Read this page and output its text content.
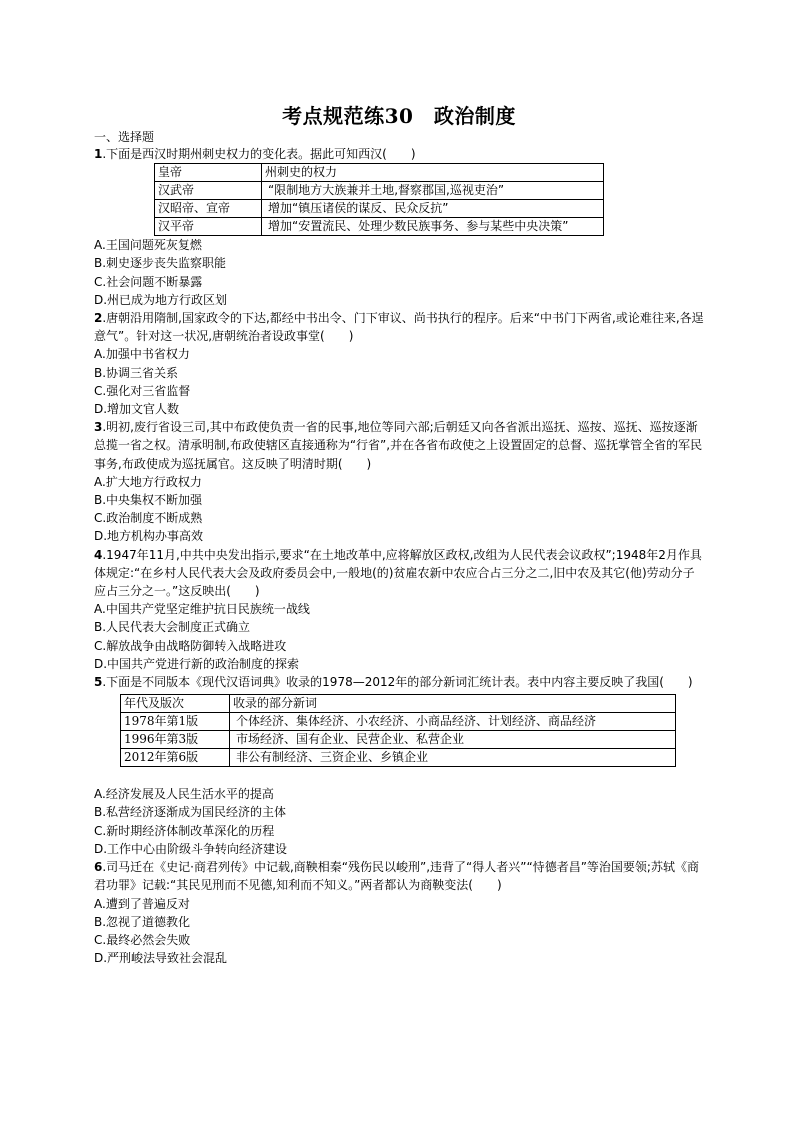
考点规范练30　政治制度
一、选择题

1.下面是西汉时期州刺史权力的变化表。据此可知西汉(　　)

皇帝	州刺史的权力
汉武帝	“限制地方大族兼并土地,督察郡国,巡视吏治”
汉昭帝、宣帝	增加“镇压诸侯的谋反、民众反抗”
汉平帝	增加“安置流民、处理少数民族事务、参与某些中央决策”

A.王国问题死灰复燃

B.刺史逐步丧失监察职能

C.社会问题不断暴露

D.州已成为地方行政区划

2.唐朝沿用隋制,国家政令的下达,都经中书出令、门下审议、尚书执行的程序。后来“中书门下两省,或论难往来,各逞意气”。针对这一状况,唐朝统治者设政事堂(　　)

A.加强中书省权力

B.协调三省关系

C.强化对三省监督

D.增加文官人数

3.明初,废行省设三司,其中布政使负责一省的民事,地位等同六部;后朝廷又向各省派出巡抚、巡按、巡抚、巡按逐渐总揽一省之权。清承明制,布政使辖区直接通称为“行省”,并在各省布政使之上设置固定的总督、巡抚掌管全省的军民事务,布政使成为巡抚属官。这反映了明清时期(　　)

A.扩大地方行政权力

B.中央集权不断加强

C.政治制度不断成熟

D.地方机构办事高效

4.1947年11月,中共中央发出指示,要求“在土地改革中,应将解放区政权,改组为人民代表会议政权”;1948年2月作具体规定:“在乡村人民代表大会及政府委员会中,一般地(的)贫雇农新中农应合占三分之二,旧中农及其它(他)劳动分子应占三分之一。”这反映出(　　)

A.中国共产党坚定维护抗日民族统一战线

B.人民代表大会制度正式确立

C.解放战争由战略防御转入战略进攻

D.中国共产党进行新的政治制度的探索

5.下面是不同版本《现代汉语词典》收录的1978—2012年的部分新词汇统计表。表中内容主要反映了我国(　　)

年代及版次	收录的部分新词
1978年第1版	个体经济、集体经济、小农经济、小商品经济、计划经济、商品经济
1996年第3版	市场经济、国有企业、民营企业、私营企业
2012年第6版	非公有制经济、三资企业、乡镇企业

A.经济发展及人民生活水平的提高

B.私营经济逐渐成为国民经济的主体

C.新时期经济体制改革深化的历程

D.工作中心由阶级斗争转向经济建设

6.司马迁在《史记·商君列传》中记载,商鞅相秦“残伤民以峻刑”,违背了“得人者兴”“恃德者昌”等治国要领;苏轼《商君功罪》记载:“其民见刑而不见德,知利而不知义。”两者都认为商鞅变法(　　)

A.遭到了普遍反对

B.忽视了道德教化

C.最终必然会失败

D.严刑峻法导致社会混乱
